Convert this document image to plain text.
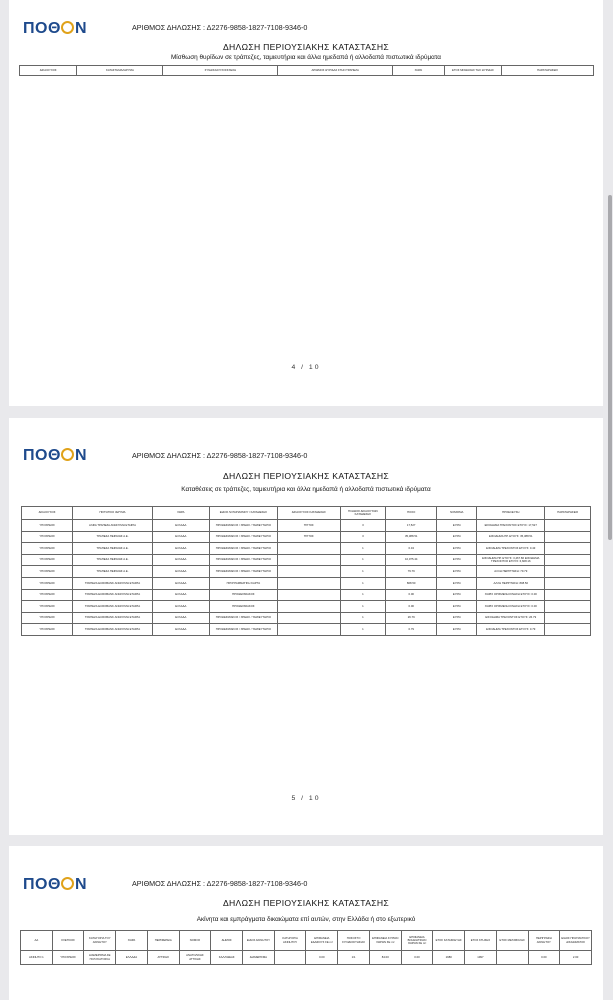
ΠΟΘ Ν	ΑΡΙΘΜΟΣ ΔΗΛΩΣΗΣ : Δ2276-9858-1827-7108-9346-0
ΔΗΛΩΣΗ ΠΕΡΙΟΥΣΙΑΚΗΣ ΚΑΤΑΣΤΑΣΗΣ
Μίσθωση θυρίδων σε τράπεζες, ταμιευτήρια και άλλα ημεδαπά ή αλλοδαπά πιστωτικά ιδρύματα
ΔΙΚΑΙΟΥΧΟΣ	ΚΑΤΑΣΤΗΜΑ/ΙΔΡΥΜΑ	ΣΥΝΔΙΚΑΙΟΥΧΟΙ/ΣΧΕΣΗ	ΑΡΙΘΜΟΣ ΘΥΡΙΔΑΣ ΣΤΗΝ ΤΡΑΠΕΖΑ	ΧΩΡΑ	ΕΤΟΣ ΜΙΣΘΩΣΗΣ ΤΗΣ ΘΥΡΙΔΑΣ	ΠΑΡΑΤΗΡΗΣΕΙΣ
4 / 10
ΠΟΘ Ν	ΑΡΙΘΜΟΣ ΔΗΛΩΣΗΣ : Δ2276-9858-1827-7108-9346-0
ΔΗΛΩΣΗ ΠΕΡΙΟΥΣΙΑΚΗΣ ΚΑΤΑΣΤΑΣΗΣ
Καταθέσεις σε τράπεζες, ταμιευτήρια και άλλα ημεδαπά ή αλλοδαπά πιστωτικά ιδρύματα
ΔΙΚΑΙΟΥΧΟΣ	ΠΙΣΤΩΤΙΚΟ ΙΔΡΥΜΑ	ΧΩΡΑ	ΕΙΔΟΣ ΛΟΓΑΡΙΑΣΜΟΥ / ΚΑΤΑΘΕΣΗΣ	ΔΙΚΑΙΟΥΧΟΣ ΚΑΤΑΘΕΣΗΣ	ΠΛΗΘΟΣ ΔΙΚΑΙΟΥΧΩΝ ΚΑΤΑΘΕΣΗΣ	ΠΟΣΟ	ΝΟΜΙΣΜΑ	ΠΡΟΕΛΕΥΣΗ	ΠΑΡΑΤΗΡΗΣΕΙΣ
ΥΠΟΧΡΕΟΣ	ΑΛΦΑ ΤΡΑΠΕΖΑ ΑΝΩΝΥΜΗ ΕΤΑΙΡΙΑ	ΕΛΛΑΔΑ	ΠΡΟΘΕΣΜΙΑΚΟΣ / ΧΡΕΩΣ / ΤΑΜΙΕΥΤΗΡΙΟ	ΤΡΙΤΟΣ	3	17,527	ΕΥΡΩ	ΕΙΣΟΔΗΜΑ ΤΡΕΧΟΝΤΟΣ ΕΤΟΥΣ: 17,527	
ΥΠΟΧΡΕΟΣ	ΤΡΑΠΕΖΑ ΠΕΙΡΑΙΩΣ Α.Ε.	ΕΛΛΑΔΑ	ΠΡΟΘΕΣΜΙΑΚΟΣ / ΧΡΕΩΣ / ΤΑΜΙΕΥΤΗΡΙΟ	ΤΡΙΤΟΣ	3	35,388.51	ΕΥΡΩ	ΕΙΣΟΔΗΜΑ ΠΡ. ΕΤΟΥΣ: 35,388.51	
ΥΠΟΧΡΕΟΣ	ΤΡΑΠΕΖΑ ΠΕΙΡΑΙΩΣ Α.Ε.	ΕΛΛΑΔΑ	ΠΡΟΘΕΣΜΙΑΚΟΣ / ΧΡΕΩΣ / ΤΑΜΙΕΥΤΗΡΙΟ		1	0.43	ΕΥΡΩ	ΕΙΣΟΔΗΜΑ ΤΡΕΧΟΝΤΟΣ ΕΤΟΥΣ: 0.43	
ΥΠΟΧΡΕΟΣ	ΤΡΑΠΕΖΑ ΠΕΙΡΑΙΩΣ Α.Ε.	ΕΛΛΑΔΑ	ΠΡΟΘΕΣΜΙΑΚΟΣ / ΧΡΕΩΣ / ΤΑΜΙΕΥΤΗΡΙΟ		1	10,075.44	ΕΥΡΩ	ΕΙΣΟΔΗΜΑ ΠΡ. ΕΤΟΥΣ: 3,467.86 ΕΙΣΟΔΗΜΑ ΤΡΕΧΟΝΤΟΣ ΕΤΟΥΣ: 6,608.16	
ΥΠΟΧΡΕΟΣ	ΤΡΑΠΕΖΑ ΠΕΙΡΑΙΩΣ Α.Ε.	ΕΛΛΑΔΑ	ΠΡΟΘΕΣΜΙΑΚΟΣ / ΧΡΕΩΣ / ΤΑΜΙΕΥΤΗΡΙΟ		1	79.79	ΕΥΡΩ	ΑΛΛΗ ΠΕΡΙΠΤΩΣΗ: 79.79	
ΥΠΟΧΡΕΟΣ	ΤΡΑΠΕΖΑ EUROBANK ΑΝΩΝΥΜΗ ΕΤΑΙΡΙΑ	ΕΛΛΑΔΑ	ΠΡΟΓΡΑΜΜΑΤΙΚΗ ΚΑΡΤΑ		1	808.50	ΕΥΡΩ	ΑΛΛΗ ΠΕΡΙΠΤΩΣΗ: 808.50	
ΥΠΟΧΡΕΟΣ	ΤΡΑΠΕΖΑ EUROBANK ΑΝΩΝΥΜΗ ΕΤΑΙΡΙΑ	ΕΛΛΑΔΑ	ΠΡΟΘΕΣΜΙΑΚΟΣ		1	0.00	ΕΥΡΩ	ΧΩΡΙΣ ΟΡΙΣΜΕΝΗ ΚΙΝΗΣΗ ΕΤΟΥΣ: 0.00	
ΥΠΟΧΡΕΟΣ	ΤΡΑΠΕΖΑ EUROBANK ΑΝΩΝΥΜΗ ΕΤΑΙΡΙΑ	ΕΛΛΑΔΑ	ΠΡΟΘΕΣΜΙΑΚΟΣ		1	0.00	ΕΥΡΩ	ΧΩΡΙΣ ΟΡΙΣΜΕΝΗ ΚΙΝΗΣΗ ΕΤΟΥΣ: 0.00	
ΥΠΟΧΡΕΟΣ	ΤΡΑΠΕΖΑ EUROBANK ΑΝΩΝΥΜΗ ΕΤΑΙΡΙΑ	ΕΛΛΑΔΑ	ΠΡΟΘΕΣΜΙΑΚΟΣ / ΧΡΕΩΣ / ΤΑΜΙΕΥΤΗΡΙΟ		1	26.79	ΕΥΡΩ	ΕΙΣΟΔΗΜΑ ΤΡΕΧΟΝΤΟΣ ΕΤΟΥΣ: 26.79	
ΥΠΟΧΡΕΟΣ	ΤΡΑΠΕΖΑ EUROBANK ΑΝΩΝΥΜΗ ΕΤΑΙΡΙΑ	ΕΛΛΑΔΑ	ΠΡΟΘΕΣΜΙΑΚΟΣ / ΧΡΕΩΣ / ΤΑΜΙΕΥΤΗΡΙΟ		1	0.79	ΕΥΡΩ	ΕΙΣΟΔΗΜΑ ΤΡΕΧΟΝΤΟΣ ΕΤΟΥΣ: 0.79	
5 / 10
ΠΟΘ Ν	ΑΡΙΘΜΟΣ ΔΗΛΩΣΗΣ : Δ2276-9858-1827-7108-9346-0
ΔΗΛΩΣΗ ΠΕΡΙΟΥΣΙΑΚΗΣ ΚΑΤΑΣΤΑΣΗΣ
Ακίνητα και εμπράγματα δικαιώματα επί αυτών, στην Ελλάδα ή στο εξωτερικό
ΑΑ	ΣΧΕΤΙΚΟΣ	ΚΑΤΗΓΟΡΙΑ ΤΟΥ ΑΚΙΝΗΤΟΥ	ΧΩΡΑ	ΠΕΡΙΦΕΡΕΙΑ	ΝΟΜΟΣ	ΔΗΜΟΣ	ΕΙΔΟΣ ΑΚΙΝΗΤΟΥ	ΚΑΤΗΓΟΡΙΑ ΑΚΙΝΗΤΟΥ	ΕΠΙΦΑΝΕΙΑ ΕΔΑΦΟΥΣ ΣΕ m²	ΠΟΣΟΣΤΟ ΣΥΝΙΔΙΟΚΤΗΣΙΑΣ	ΕΠΙΦΑΝΕΙΑ ΚΥΡΙΩΝ ΧΩΡΩΝ ΣΕ m²	ΕΠΙΦΑΝΕΙΑ ΒΟΗΘΗΤΙΚΩΝ ΧΩΡΩΝ ΣΕ m²	ΕΤΟΣ ΚΑΤΑΣΚΕΥΗΣ	ΕΤΟΣ ΚΤΗΣΗΣ	ΕΤΟΣ ΜΕΤΑΒΟΛΗΣ	ΠΕΡΙΓΡΑΦΗ ΑΚΙΝΗΤΟΥ	ΕΙΔΟΣ ΠΡΑΓΜΑΤΙΚΟΥ ΔΙΚΑΙΩΜΑΤΟΣ
ΑΚΙΝΗΤΟ 1	ΥΠΟΧΡΕΟΣ	ΔΙΑΜΕΡΙΣΜΑ ΣΕ ΠΟΛΥΚΑΤΟΙΚΙΑ	ΕΛΛΑΔΑ	ΑΤΤΙΚΗΣ	ΑΝΑΤΟΛΙΚΗΣ ΑΤΤΙΚΗΣ	ΚΑΛΛΙΘΕΑΣ	ΔΙΑΜΕΡΙΣΜΑ		0.00	1/1	84.00	0.00	1980	1997		0.00	2.00
